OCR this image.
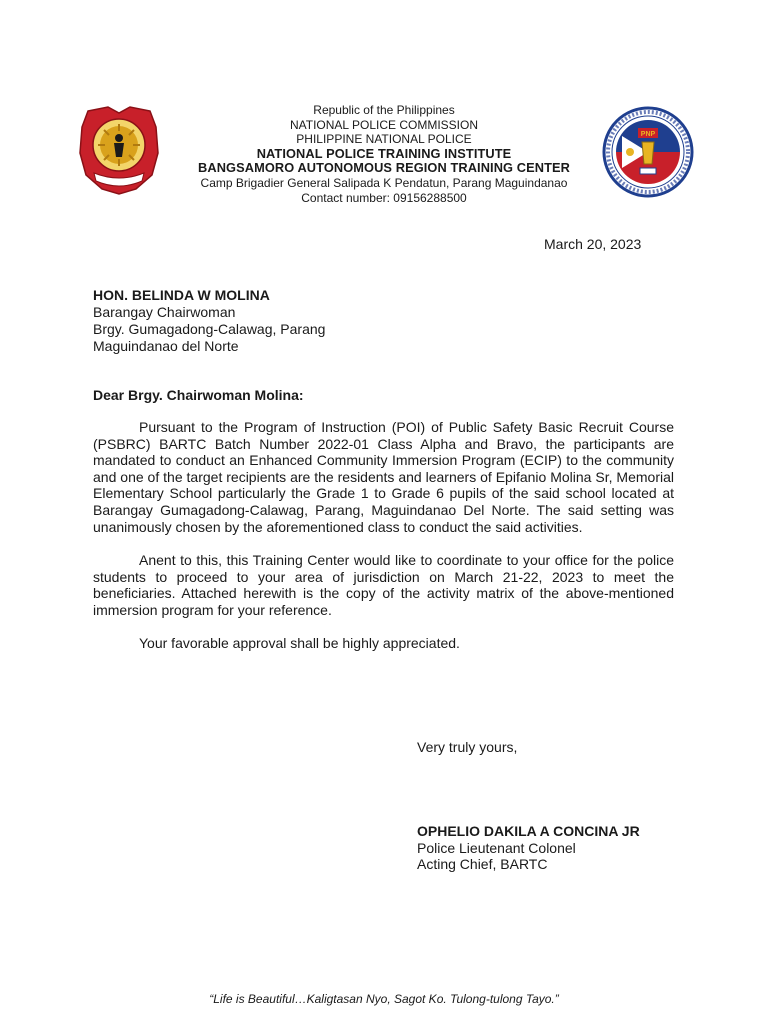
PNP
Republic of the Philippines
NATIONAL POLICE COMMISSION
PHILIPPINE NATIONAL POLICE
NATIONAL POLICE TRAINING INSTITUTE
BANGSAMORO AUTONOMOUS REGION TRAINING CENTER
Camp Brigadier General Salipada K Pendatun, Parang Maguindanao
Contact number: 09156288500
March 20, 2023
HON. BELINDA W MOLINA
Barangay Chairwoman
Brgy. Gumagadong-Calawag, Parang
Maguindanao del Norte
Dear Brgy. Chairwoman Molina:

Pursuant to the Program of Instruction (POI) of Public Safety Basic Recruit Course (PSBRC) BARTC Batch Number 2022-01 Class Alpha and Bravo, the participants are mandated to conduct an Enhanced Community Immersion Program (ECIP) to the community and one of the target recipients are the residents and learners of Epifanio Molina Sr, Memorial Elementary School particularly the Grade 1 to Grade 6 pupils of the said school located at Barangay Gumagadong-Calawag, Parang, Maguindanao Del Norte. The said setting was unanimously chosen by the aforementioned class to conduct the said activities.

Anent to this, this Training Center would like to coordinate to your office for the police students to proceed to your area of jurisdiction on March 21-22, 2023 to meet the beneficiaries. Attached herewith is the copy of the activity matrix of the above-mentioned immersion program for your reference.

Your favorable approval shall be highly appreciated.

Very truly yours,
OPHELIO DAKILA A CONCINA JR
Police Lieutenant Colonel
Acting Chief, BARTC
“Life is Beautiful…Kaligtasan Nyo, Sagot Ko. Tulong-tulong Tayo.”
